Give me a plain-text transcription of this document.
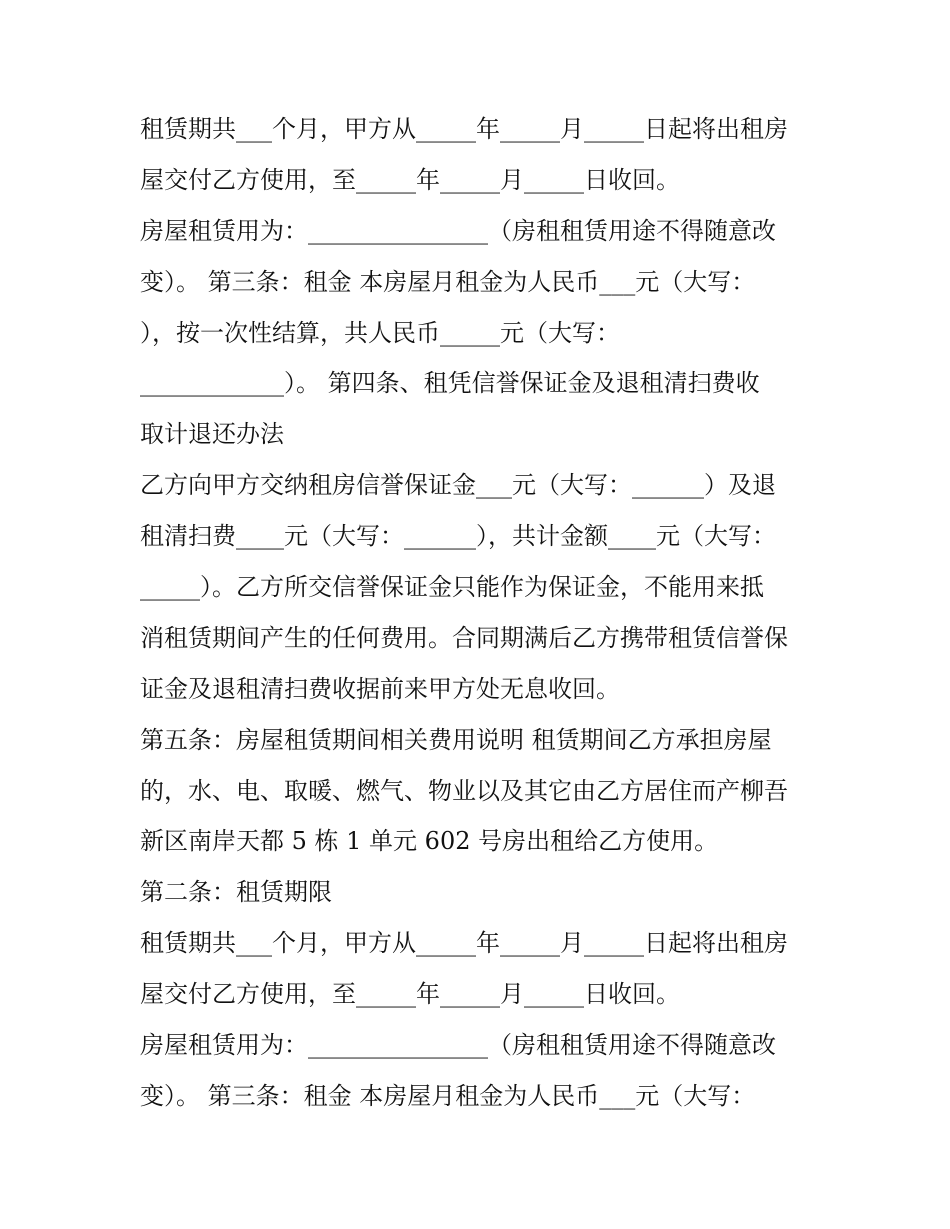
租赁期共___个月，甲方从_____年_____月_____日起将出租房
屋交付乙方使用，至_____年_____月_____日收回。
房屋租赁用为：_______________（房租租赁用途不得随意改
变）。 第三条：租金 本房屋月租金为人民币___元（大写：
），按一次性结算，共人民币_____元（大写：
____________）。 第四条、租凭信誉保证金及退租清扫费收
取计退还办法
乙方向甲方交纳租房信誉保证金___元（大写：______）及退
租清扫费____元（大写：______），共计金额____元（大写：
_____）。乙方所交信誉保证金只能作为保证金，不能用来抵
消租赁期间产生的任何费用。合同期满后乙方携带租赁信誉保
证金及退租清扫费收据前来甲方处无息收回。
第五条：房屋租赁期间相关费用说明 租赁期间乙方承担房屋
的，水、电、取暖、燃气、物业以及其它由乙方居住而产柳吾
新区南岸天都 5 栋 1 单元 602 号房出租给乙方使用。
第二条：租赁期限
租赁期共___个月，甲方从_____年_____月_____日起将出租房
屋交付乙方使用，至_____年_____月_____日收回。
房屋租赁用为：_______________（房租租赁用途不得随意改
变）。 第三条：租金 本房屋月租金为人民币___元（大写：
